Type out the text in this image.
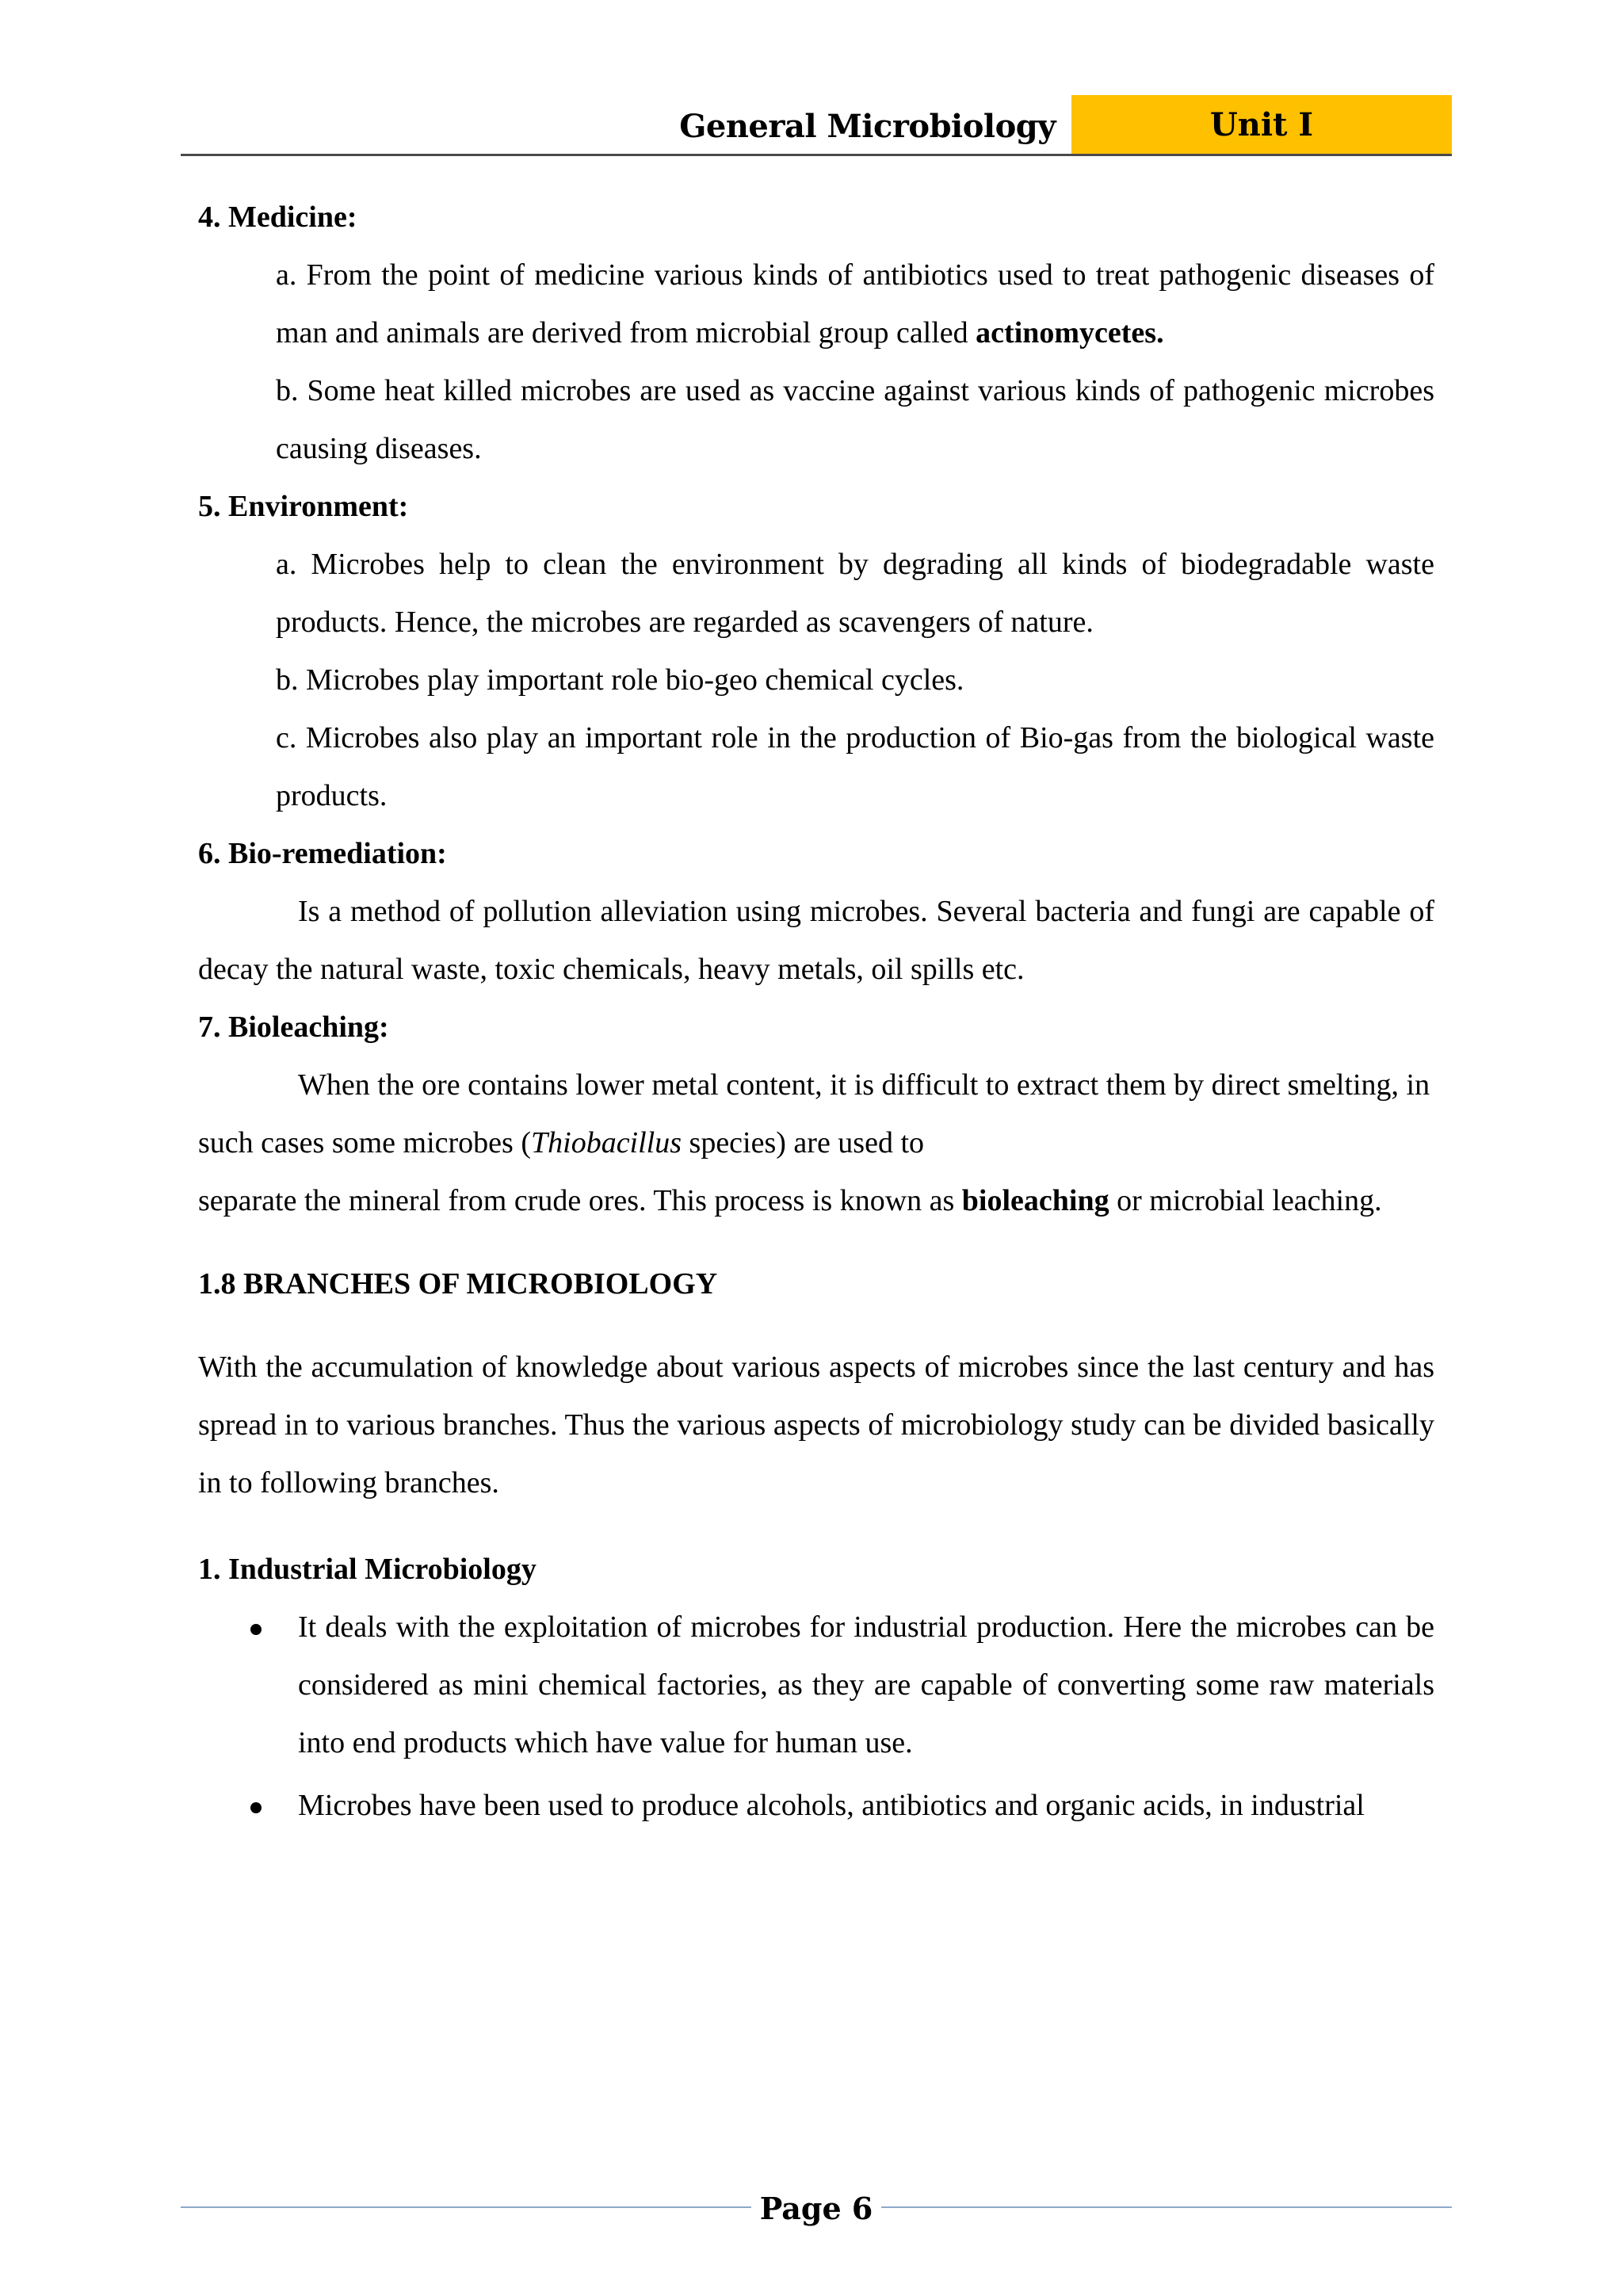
General Microbiology	Unit I

4. Medicine:

a. From the point of medicine various kinds of antibiotics used to treat pathogenic diseases of man and animals are derived from microbial group called actinomycetes.

b. Some heat killed microbes are used as vaccine against various kinds of pathogenic microbes causing diseases.

5. Environment:

a. Microbes help to clean the environment by degrading all kinds of biodegradable waste products. Hence, the microbes are regarded as scavengers of nature.

b. Microbes play important role bio-geo chemical cycles.

c. Microbes also play an important role in the production of Bio-gas from the biological waste products.

6. Bio-remediation:

Is a method of pollution alleviation using microbes. Several bacteria and fungi are capable of decay the natural waste, toxic chemicals, heavy metals, oil spills etc.

7. Bioleaching:

When the ore contains lower metal content, it is difficult to extract them by direct smelting, in such cases some microbes (Thiobacillus species) are used to

separate the mineral from crude ores. This process is known as bioleaching or microbial leaching.

1.8 BRANCHES OF MICROBIOLOGY

With the accumulation of knowledge about various aspects of microbes since the last century and has spread in to various branches. Thus the various aspects of microbiology study can be divided basically in to following branches.

1. Industrial Microbiology

It deals with the exploitation of microbes for industrial production. Here the microbes can be considered as mini chemical factories, as they are capable of converting some raw materials into end products which have value for human use.
Microbes have been used to produce alcohols, antibiotics and organic acids, in industrial
Page 6
